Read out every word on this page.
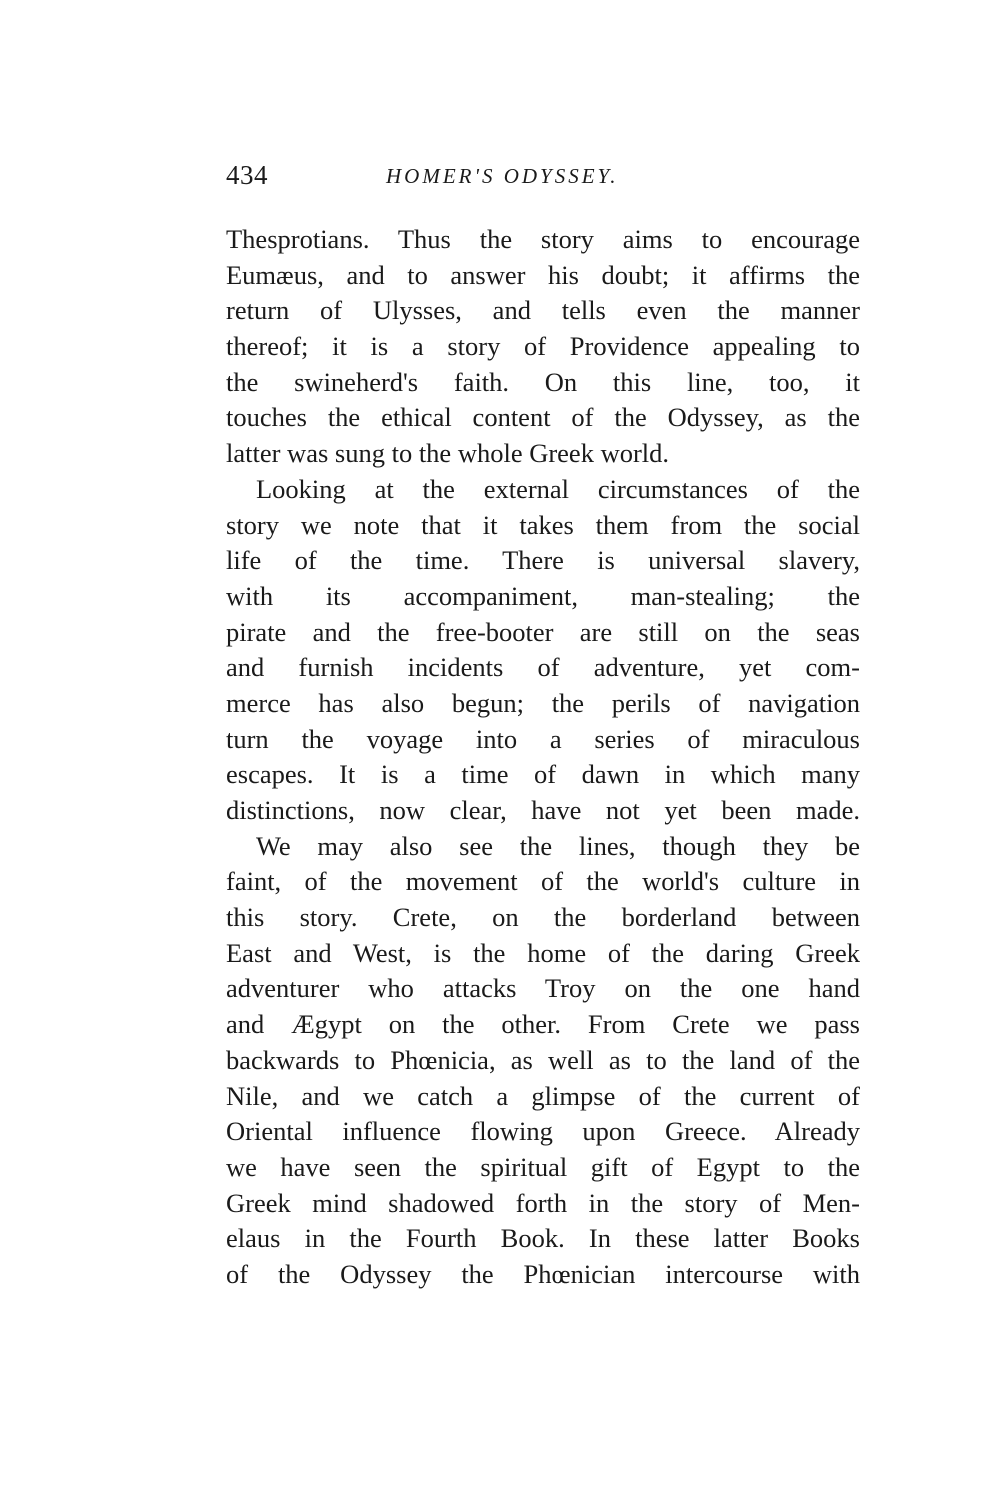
434	HOMER'S ODYSSEY.
Thesprotians. Thus the story aims to encourage
Eumæus, and to answer his doubt; it affirms the
return of Ulysses, and tells even the manner
thereof; it is a story of Providence appealing to
the swineherd's faith. On this line, too, it
touches the ethical content of the Odyssey, as the
latter was sung to the whole Greek world.
Looking at the external circumstances of the
story we note that it takes them from the social
life of the time. There is universal slavery,
with its accompaniment, man-stealing; the
pirate and the free-booter are still on the seas
and furnish incidents of adventure, yet com-
merce has also begun; the perils of navigation
turn the voyage into a series of miraculous
escapes. It is a time of dawn in which many
distinctions, now clear, have not yet been made.
We may also see the lines, though they be
faint, of the movement of the world's culture in
this story. Crete, on the borderland between
East and West, is the home of the daring Greek
adventurer who attacks Troy on the one hand
and Ægypt on the other. From Crete we pass
backwards to Phœnicia, as well as to the land of the
Nile, and we catch a glimpse of the current of
Oriental influence flowing upon Greece. Already
we have seen the spiritual gift of Egypt to the
Greek mind shadowed forth in the story of Men-
elaus in the Fourth Book. In these latter Books
of the Odyssey the Phœnician intercourse with
